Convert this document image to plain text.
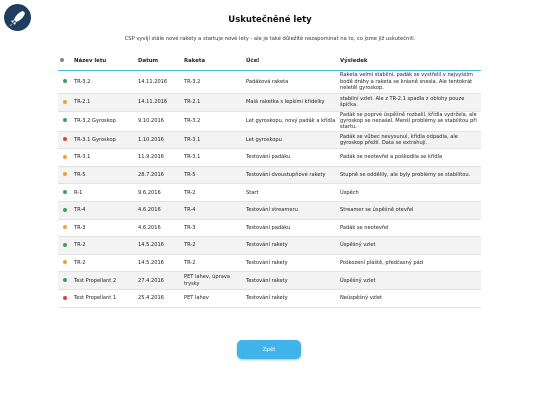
Uskutečněné lety
CSP vyvíjí stále nové rakety a startuje nové lety - ale je také důležité nezapomínat na to, co jsme již uskutečnili.
	Název letu	Datum	Raketa	Účel	Výsledek
	TR-3.2	14.11.2016	TR-3.2	Padáková raketa	Raketa velmi stabilní, padák se vystřelil v nejvyšším bodě dráhy a raketa se krásně snesla. Ale tentokrát neletěl gyroskop.
	TR-2.1	14.11.2016	TR-2.1	Malá raketka s lepšími křidélky	stabilní vzlet. Ale z TR-2.1 spadla z oblohy pouze špička.
	TR-3.2 Gyroskop	9.10.2016	TR-3.2	Let gyroskopu, nový padák a křídla	Padák se poprvé úspěšně rozbalil, křídla vydržela, ale gyroskop se nenašel. Menší problémy se stabilitou při startu.
	TR-3.1 Gyroskop	1.10.2016	TR-3.1	Let gyroskopu	Padák se vůbec nevysunul, křídla odpadla, ale gyroskop přežil. Data se extrahují.
	TR-3.1	11.9.2016	TR-3.1	Testování padáku	Padák se neotevřel a poškodila se křídla
	TR-5	28.7.2016	TR-5	Testování dvoustupňové rakety	Stupně se oddělily, ale byly problémy se stabilitou.
	R-1	9.6.2016	TR-2	Start	Úspěch
	TR-4	4.6.2016	TR-4	Testování streameru	Streamer se úspěšně otevřel
	TR-3	4.6.2016	TR-3	Testování padáku	Padák se neotevřel
	TR-2	14.5.2016	TR-2	Testování rakety	Úspěšný vzlet
	TR-2	14.5.2016	TR-2	Testování rakety	Poškození pláště, předčasný pád
	Test Propellant 2	27.4.2016	PET lahev, úprava trysky	Testování rakety	Úspěšný vzlet
	Test Propellant 1	25.4.2016	PET lahev	Testování rakety	Neúspěšný vzlet
Zpět
